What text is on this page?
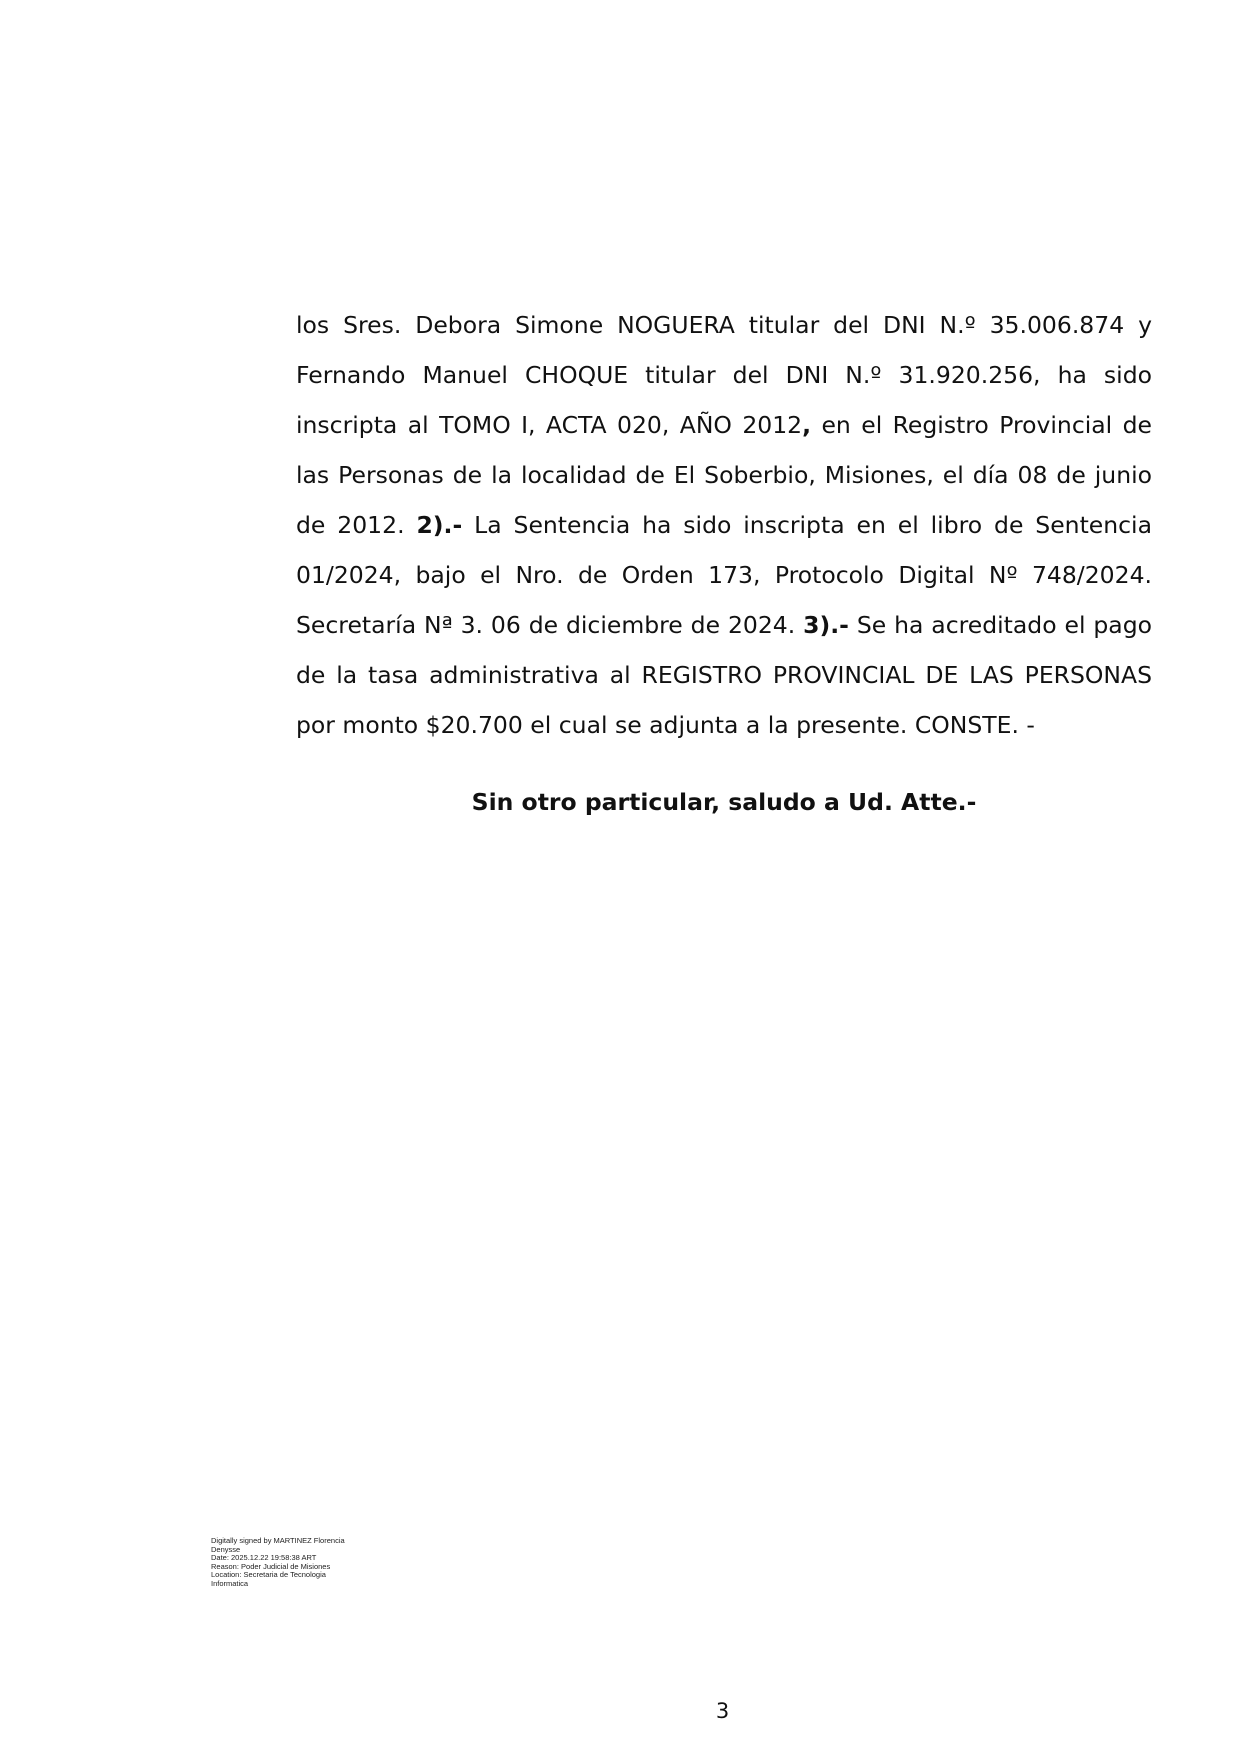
los Sres. Debora Simone NOGUERA titular del DNI N.º 35.006.874 y Fernando Manuel CHOQUE titular del DNI N.º 31.920.256, ha sido inscripta al TOMO I, ACTA 020, AÑO 2012, en el Registro Provincial de las Personas de la localidad de El Soberbio, Misiones, el día 08 de junio de 2012. 2).- La Sentencia ha sido inscripta en el libro de Sentencia 01/2024, bajo el Nro. de Orden 173, Protocolo Digital Nº 748/2024. Secretaría Nª 3. 06 de diciembre de 2024. 3).- Se ha acreditado el pago de la tasa administrativa al REGISTRO PROVINCIAL DE LAS PERSONAS por monto $20.700 el cual se adjunta a la presente. CONSTE. -

Sin otro particular, saludo a Ud. Atte.-

Digitally signed by MARTINEZ Florencia
Denysse
Date: 2025.12.22 19:58:38 ART
Reason: Poder Judicial de Misiones
Location: Secretaria de Tecnologia
Informatica
3
